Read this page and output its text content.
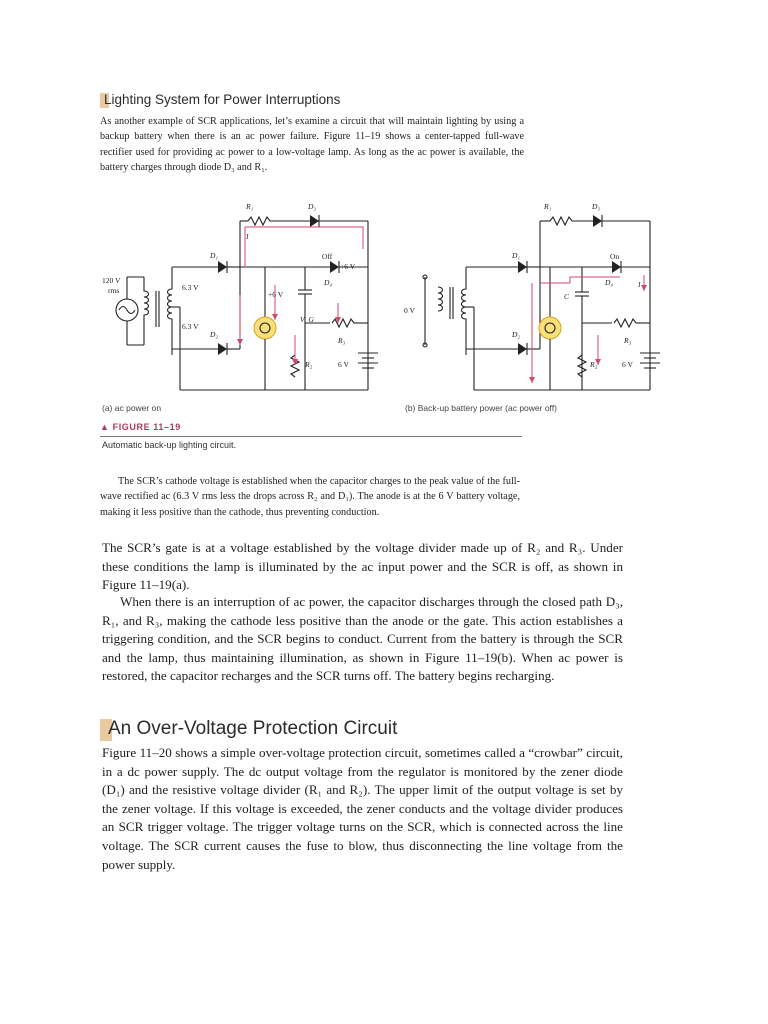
Lighting System for Power Interruptions
As another example of SCR applications, let’s examine a circuit that will maintain lighting by using a backup battery when there is an ac power failure. Figure 11–19 shows a center-tapped full-wave rectifier used for providing ac power to a low-voltage lamp. As long as the ac power is available, the battery charges through diode D₃ and R₁.
R₁	D₃
I
D₁
D₂
Off
+6 V
D₄
+6 V
V_G
R₃
R₂	6 V
120 V
rms	6.3 V
6.3 V
R₁	D₃
D₁
D₂
On
D₄	I
C
R₃
R₂	6 V
0 V
(a) ac power on	(b) Back-up battery power (ac power off)
▲ FIGURE 11–19
Automatic back-up lighting circuit.
The SCR’s cathode voltage is established when the capacitor charges to the peak value of the full-wave rectified ac (6.3 V rms less the drops across R₂ and D₁). The anode is at the 6 V battery voltage, making it less positive than the cathode, thus preventing conduction.
The SCR’s gate is at a voltage established by the voltage divider made up of R₂ and R₃. Under these conditions the lamp is illuminated by the ac input power and the SCR is off, as shown in Figure 11–19(a).
When there is an interruption of ac power, the capacitor discharges through the closed path D₃, R₁, and R₃, making the cathode less positive than the anode or the gate. This action establishes a triggering condition, and the SCR begins to conduct. Current from the battery is through the SCR and the lamp, thus maintaining illumination, as shown in Figure 11–19(b). When ac power is restored, the capacitor recharges and the SCR turns off. The battery begins recharging.
An Over-Voltage Protection Circuit
Figure 11–20 shows a simple over-voltage protection circuit, sometimes called a “crowbar” circuit, in a dc power supply. The dc output voltage from the regulator is monitored by the zener diode (D₁) and the resistive voltage divider (R₁ and R₂). The upper limit of the output voltage is set by the zener voltage. If this voltage is exceeded, the zener conducts and the voltage divider produces an SCR trigger voltage. The trigger voltage turns on the SCR, which is connected across the line voltage. The SCR current causes the fuse to blow, thus disconnecting the line voltage from the power supply.
